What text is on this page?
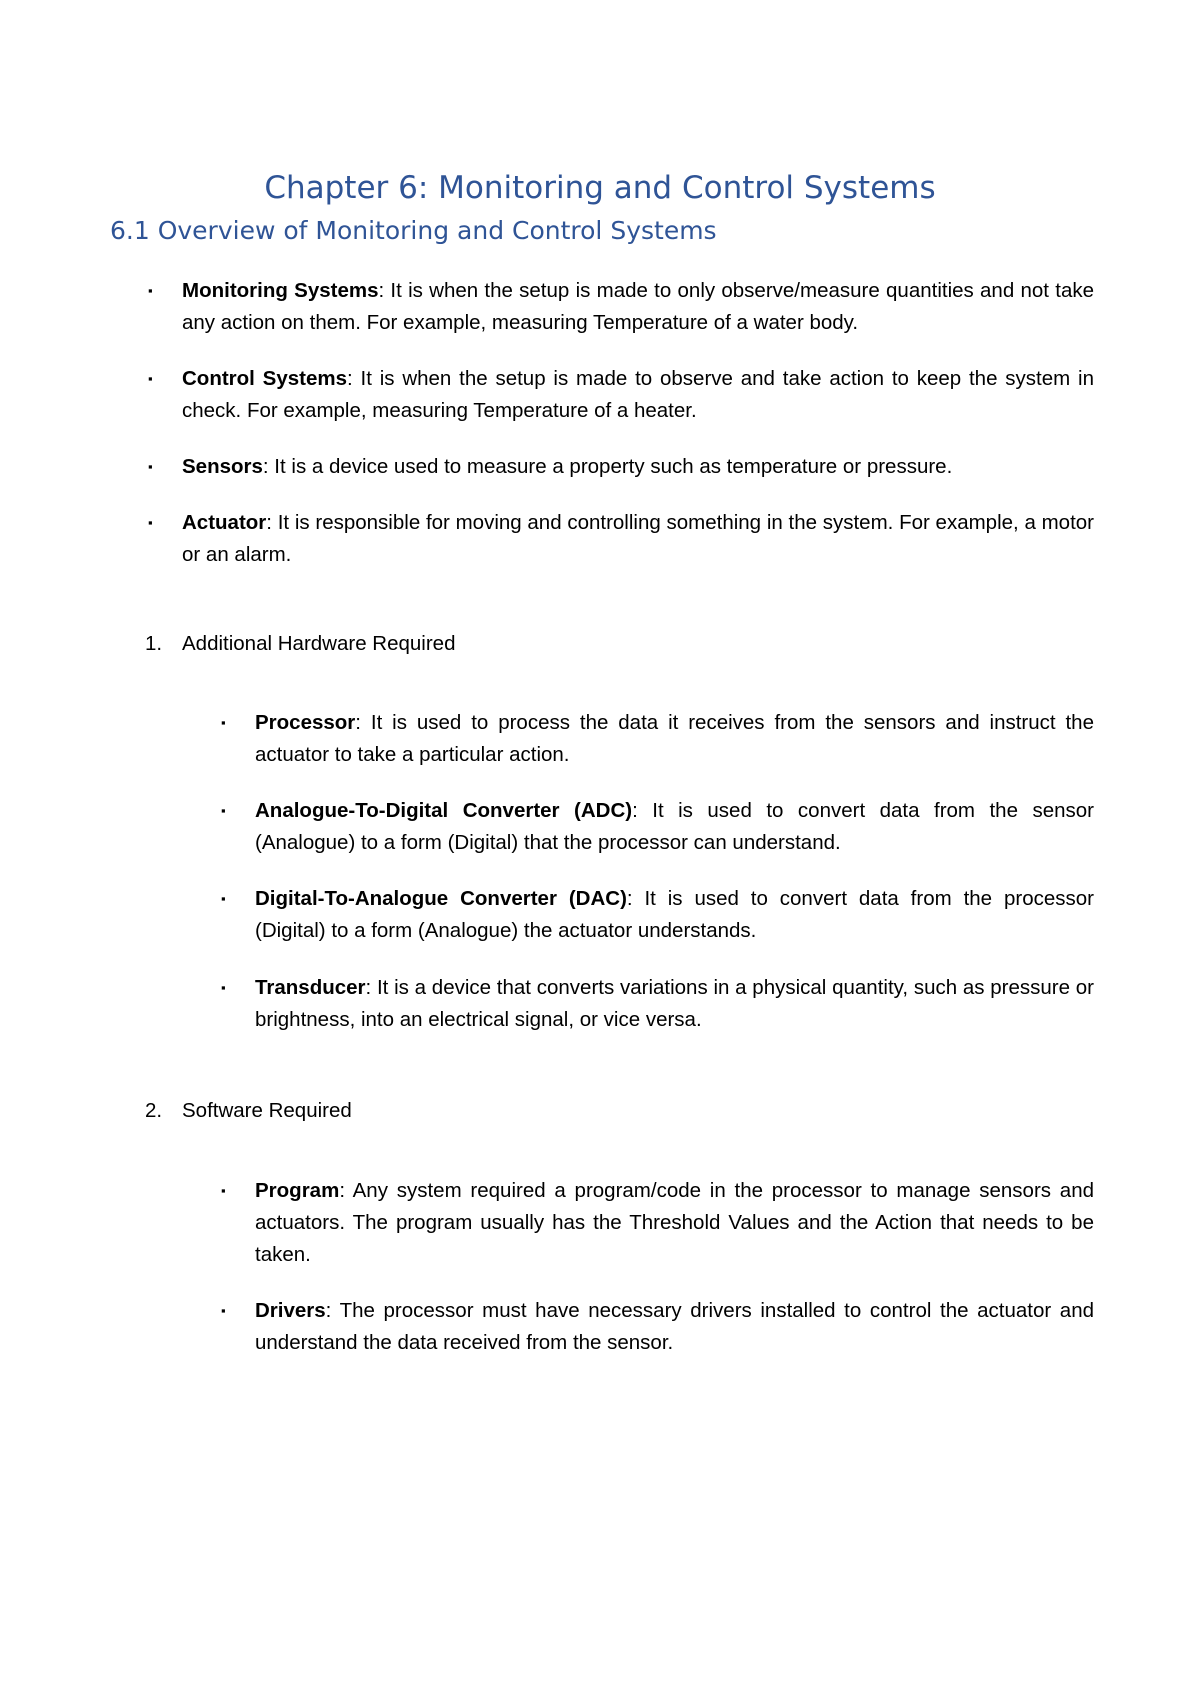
Chapter 6: Monitoring and Control Systems
6.1 Overview of Monitoring and Control Systems
▪ Monitoring Systems: It is when the setup is made to only observe/measure quantities and not take any action on them. For example, measuring Temperature of a water body.
▪ Control Systems: It is when the setup is made to observe and take action to keep the system in check. For example, measuring Temperature of a heater.
▪ Sensors: It is a device used to measure a property such as temperature or pressure.
▪ Actuator: It is responsible for moving and controlling something in the system. For example, a motor or an alarm.
1. Additional Hardware Required
▪ Processor: It is used to process the data it receives from the sensors and instruct the actuator to take a particular action.
▪ Analogue-To-Digital Converter (ADC): It is used to convert data from the sensor (Analogue) to a form (Digital) that the processor can understand.
▪ Digital-To-Analogue Converter (DAC): It is used to convert data from the processor (Digital) to a form (Analogue) the actuator understands.
▪ Transducer: It is a device that converts variations in a physical quantity, such as pressure or brightness, into an electrical signal, or vice versa.
2. Software Required
▪ Program: Any system required a program/code in the processor to manage sensors and actuators. The program usually has the Threshold Values and the Action that needs to be taken.
▪ Drivers: The processor must have necessary drivers installed to control the actuator and understand the data received from the sensor.
